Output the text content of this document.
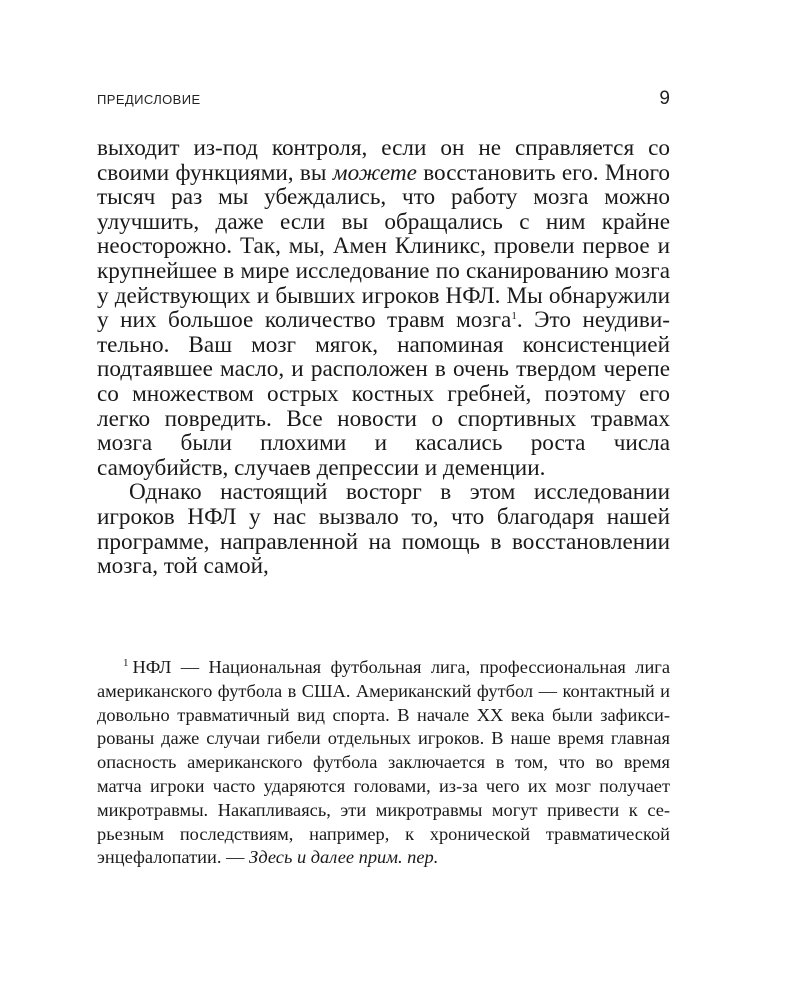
ПРЕДИСЛОВИЕ	9

выходит из-под контроля, если он не справляется со своими функциями, вы можете восстановить его. Много тысяч раз мы убеждались, что работу мозга можно улучшить, даже если вы обращались с ним крайне неосторожно. Так, мы, Амен Клиникс, провели первое и крупнейшее в мире исследование по сканированию мозга у действующих и бывших игроков НФЛ. Мы обнаружили у них большое количество травм мозга$^1$. Это неудивительно. Ваш мозг мягок, напоминая консистенцией подтаявшее масло, и расположен в очень твердом черепе со множеством острых костных гребней, поэтому его легко повредить. Все новости о спортивных травмах мозга были плохими и касались роста числа самоубийств, случаев депрессии и деменции.

Однако настоящий восторг в этом исследовании игроков НФЛ у нас вызвало то, что благодаря нашей программе, направленной на помощь в восстановлении мозга, той самой,

$^1$ НФЛ — Национальная футбольная лига, профессиональная лига американского футбола в США. Американский футбол — контактный и довольно травматичный вид спорта. В начале XX века были зафиксированы даже случаи гибели отдельных игроков. В наше время главная опасность американского футбола заключается в том, что во время матча игроки часто ударяются головами, из-за чего их мозг получает микротравмы. Накапливаясь, эти микротравмы могут привести к серьезным последствиям, например, к хронической травматической энцефалопатии. — Здесь и далее прим. пер.
